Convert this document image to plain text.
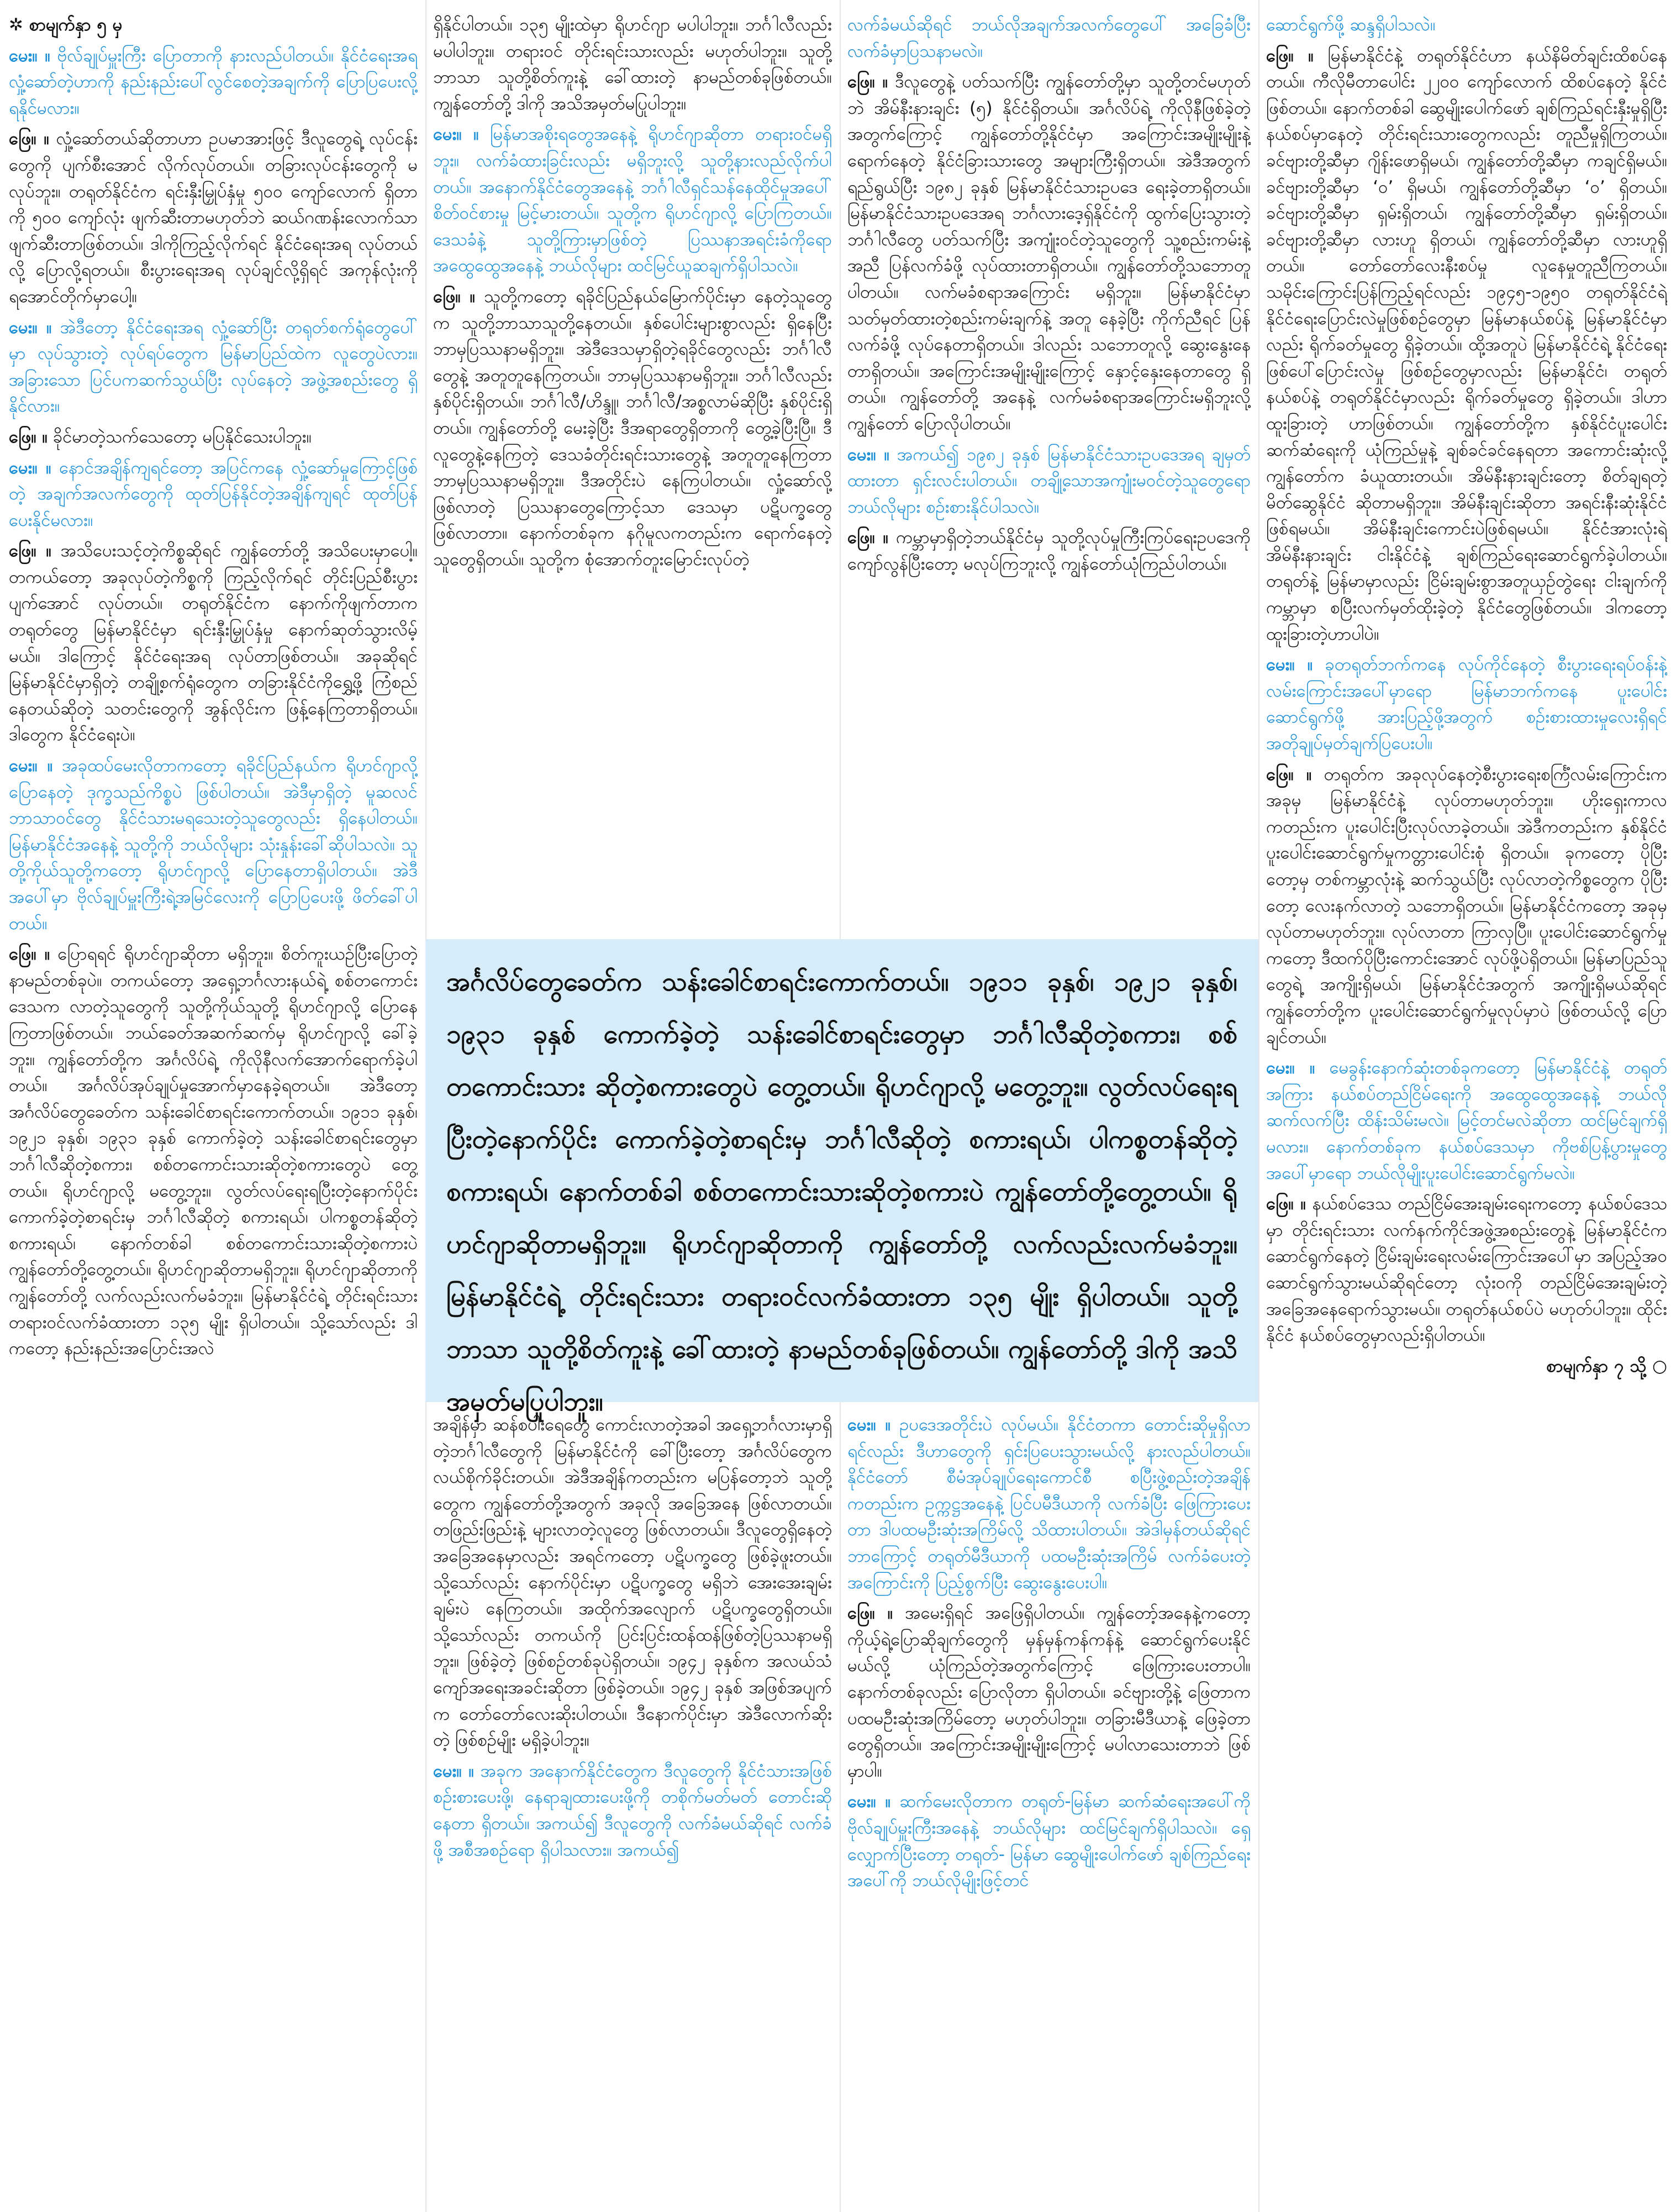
✲ စာမျက်နှာ ၅ မှ

မေး။ ။ ဗိုလ်ချုပ်မှူးကြီး ပြောတာကို နားလည်ပါတယ်။ နိုင်ငံရေးအရ လှုံ့ဆော်တဲ့ဟာကို နည်းနည်းပေါ်လွင်စေတဲ့အချက်ကို ပြောပြပေးလို့ ရနိုင်မလား။

ဖြေ။ ။ လှုံ့ဆော်တယ်ဆိုတာဟာ ဥပမာအားဖြင့် ဒီလူတွေရဲ့ လုပ်ငန်းတွေကို ပျက်စီးအောင် လိုက်လုပ်တယ်။ တခြားလုပ်ငန်းတွေကို မလုပ်ဘူး။ တရုတ်နိုင်ငံက ရင်းနှီးမြှုပ်နှံမှု ၅၀၀ ကျော်လောက် ရှိတာကို ၅၀၀ ကျော်လုံး ဖျက်ဆီးတာမဟုတ်ဘဲ ဆယ်ဂဏန်းလောက်သာ ဖျက်ဆီးတာဖြစ်တယ်။ ဒါကိုကြည့်လိုက်ရင် နိုင်ငံရေးအရ လုပ်တယ်လို့ ပြောလို့ရတယ်။ စီးပွားရေးအရ လုပ်ချင်လို့ရှိရင် အကုန်လုံးကို ရအောင်တိုက်မှာပေါ့။

မေး။ ။ အဲဒီတော့ နိုင်ငံရေးအရ လှုံ့ဆော်ပြီး တရုတ်စက်ရုံတွေပေါ်မှာ လုပ်သွားတဲ့ လုပ်ရပ်တွေက မြန်မာပြည်ထဲက လူတွေပဲလား။ အခြားသော ပြင်ပကဆက်သွယ်ပြီး လုပ်နေတဲ့ အဖွဲ့အစည်းတွေ ရှိနိုင်လား။

ဖြေ။ ။ ခိုင်မာတဲ့သက်သေတော့ မပြနိုင်သေးပါဘူး။

မေး။ ။ နောင်အချိန်ကျရင်တော့ အပြင်ကနေ လှုံ့ဆော်မှုကြောင့်ဖြစ်တဲ့ အချက်အလက်တွေကို ထုတ်ပြန်နိုင်တဲ့အချိန်ကျရင် ထုတ်ပြန်ပေးနိုင်မလား။

ဖြေ။ ။ အသိပေးသင့်တဲ့ကိစ္စဆိုရင် ကျွန်တော်တို့ အသိပေးမှာပေါ့။ တကယ်တော့ အခုလုပ်တဲ့ကိစ္စကို ကြည့်လိုက်ရင် တိုင်းပြည်စီးပွားပျက်အောင် လုပ်တယ်။ တရုတ်နိုင်ငံက နောက်ကိုဖျက်တာက တရုတ်တွေ မြန်မာနိုင်ငံမှာ ရင်းနှီးမြှုပ်နှံမှု နောက်ဆုတ်သွားလိမ့်မယ်။ ဒါကြောင့် နိုင်ငံရေးအရ လုပ်တာဖြစ်တယ်။ အခုဆိုရင် မြန်မာနိုင်ငံမှာရှိတဲ့ တချို့စက်ရုံတွေက တခြားနိုင်ငံကိုရွှေ့ဖို့ ကြံစည်နေတယ်ဆိုတဲ့ သတင်းတွေကို အွန်လိုင်းက ဖြန့်နေကြတာရှိတယ်။ ဒါတွေက နိုင်ငံရေးပဲ။

မေး။ ။ အခုထပ်မေးလိုတာကတော့ ရခိုင်ပြည်နယ်က ရိုဟင်ဂျာလို့ ပြောနေတဲ့ ဒုက္ခသည်ကိစ္စပဲ ဖြစ်ပါတယ်။ အဲဒီမှာရှိတဲ့ မူဆလင်ဘာသာဝင်တွေ နိုင်ငံသားမရသေးတဲ့သူတွေလည်း ရှိနေပါတယ်။ မြန်မာနိုင်ငံအနေနဲ့ သူတို့ကို ဘယ်လိုများ သုံးနှုန်းခေါ်ဆိုပါသလဲ။ သူတို့ကိုယ်သူတို့ကတော့ ရိုဟင်ဂျာလို့ ပြောနေတာရှိပါတယ်။ အဲဒီအပေါ်မှာ ဗိုလ်ချုပ်မှူးကြီးရဲ့အမြင်လေးကို ပြောပြပေးဖို့ ဖိတ်ခေါ်ပါတယ်။

ဖြေ။ ။ ပြောရရင် ရိုဟင်ဂျာဆိုတာ မရှိဘူး။ စိတ်ကူးယဉ်ပြီးပြောတဲ့ နာမည်တစ်ခုပဲ။ တကယ်တော့ အရှေ့ဘင်္ဂလားနယ်ရဲ့ စစ်တကောင်းဒေသက လာတဲ့သူတွေကို သူတို့ကိုယ်သူတို့ ရိုဟင်ဂျာလို့ ပြောနေကြတာဖြစ်တယ်။ ဘယ်ခေတ်အဆက်ဆက်မှ ရိုဟင်ဂျာလို့ ခေါ်ခဲ့ဘူး။ ကျွန်တော်တို့က အင်္ဂလိပ်ရဲ့ ကိုလိုနီလက်အောက်ရောက်ခဲ့ပါတယ်။ အင်္ဂလိပ်အုပ်ချုပ်မှုအောက်မှာနေခဲ့ရတယ်။ အဲဒီတော့ အင်္ဂလိပ်တွေခေတ်က သန်းခေါင်စာရင်းကောက်တယ်။ ၁၉၁၁ ခုနှစ်၊ ၁၉၂၁ ခုနှစ်၊ ၁၉၃၁ ခုနှစ် ကောက်ခဲ့တဲ့ သန်းခေါင်စာရင်းတွေမှာ ဘင်္ဂါလီဆိုတဲ့စကား၊ စစ်တကောင်းသားဆိုတဲ့စကားတွေပဲ တွေ့တယ်။ ရိုဟင်ဂျာလို့ မတွေ့ဘူး။ လွတ်လပ်ရေးရပြီးတဲ့နောက်ပိုင်း ကောက်ခဲ့တဲ့စာရင်းမှ ဘင်္ဂါလီဆိုတဲ့ စကားရယ်၊ ပါကစ္စတန်ဆိုတဲ့ စကားရယ်၊ နောက်တစ်ခါ စစ်တကောင်းသားဆိုတဲ့စကားပဲ ကျွန်တော်တို့တွေ့တယ်။ ရိုဟင်ဂျာဆိုတာမရှိဘူး။ ရိုဟင်ဂျာဆိုတာကို ကျွန်တော်တို့ လက်လည်းလက်မခံဘူး။ မြန်မာနိုင်ငံရဲ့ တိုင်းရင်းသား တရားဝင်လက်ခံထားတာ ၁၃၅ မျိုး ရှိပါတယ်။ သို့သော်လည်း ဒါကတော့ နည်းနည်းအပြောင်းအလဲ

ရှိနိုင်ပါတယ်။ ၁၃၅ မျိုးထဲမှာ ရိုဟင်ဂျာ မပါပါဘူး။ ဘင်္ဂါလီလည်း မပါပါဘူး။ တရားဝင် တိုင်းရင်းသားလည်း မဟုတ်ပါဘူး။ သူတို့ဘာသာ သူတို့စိတ်ကူးနဲ့ ခေါ်ထားတဲ့ နာမည်တစ်ခုဖြစ်တယ်။ ကျွန်တော်တို့ ဒါကို အသိအမှတ်မပြုပါဘူး။

မေး။ ။ မြန်မာအစိုးရတွေအနေနဲ့ ရိုဟင်ဂျာဆိုတာ တရားဝင်မရှိဘူး။ လက်ခံထားခြင်းလည်း မရှိဘူးလို့ သူတို့နားလည်လိုက်ပါတယ်။ အနောက်နိုင်ငံတွေအနေနဲ့ ဘင်္ဂါလီရှင်သန်နေထိုင်မှုအပေါ် စိတ်ဝင်စားမှု မြင့်မားတယ်။ သူတို့က ရိုဟင်ဂျာလို့ ပြောကြတယ်။ ဒေသခံနဲ့ သူတို့ကြားမှာဖြစ်တဲ့ ပြဿနာအရင်းခံကိုရော အထွေထွေအနေနဲ့ ဘယ်လိုများ ထင်မြင်ယူဆချက်ရှိပါသလဲ။

ဖြေ။ ။ သူတို့ကတော့ ရခိုင်ပြည်နယ်မြောက်ပိုင်းမှာ နေတဲ့သူတွေက သူတို့ဘာသာသူတို့နေတယ်။ နှစ်ပေါင်းများစွာလည်း ရှိနေပြီး ဘာမှပြဿနာမရှိဘူး။ အဲဒီဒေသမှာရှိတဲ့ရခိုင်တွေလည်း ဘင်္ဂါလီတွေနဲ့ အတူတူနေကြတယ်။ ဘာမှပြဿနာမရှိဘူး။ ဘင်္ဂါလီလည်း နှစ်ပိုင်းရှိတယ်။ ဘင်္ဂါလီ/ဟိန္ဒူ၊ ဘင်္ဂါလီ/အစ္စလာမ်ဆိုပြီး နှစ်ပိုင်းရှိတယ်။ ကျွန်တော်တို့ မေးခဲ့ပြီး ဒီအရာတွေရှိတာကို တွေ့ခဲ့ပြီးပြီ။ ဒီလူတွေနဲ့နေကြတဲ့ ဒေသခံတိုင်းရင်းသားတွေနဲ့ အတူတူနေကြတာ ဘာမှပြဿနာမရှိဘူး။ ဒီအတိုင်းပဲ နေကြပါတယ်။ လှုံ့ဆော်လို့ဖြစ်လာတဲ့ ပြဿနာတွေကြောင့်သာ ဒေသမှာ ပဋိပက္ခတွေ ဖြစ်လာတာ။ နောက်တစ်ခုက နဂိုမူလကတည်းက ရောက်နေတဲ့ သူတွေရှိတယ်။ သူတို့က စုံအောက်တူးမြောင်းလုပ်တဲ့

အချိန်မှာ ဆန်စပါးရေတွေ ကောင်းလာတဲ့အခါ အရှေ့ဘင်္ဂလားမှာရှိတဲ့ဘင်္ဂါလီတွေကို မြန်မာနိုင်ငံကို ခေါ်ပြီးတော့ အင်္ဂလိပ်တွေက လယ်စိုက်ခိုင်းတယ်။ အဲဒီအချိန်ကတည်းက မပြန်တော့ဘဲ သူတို့တွေက ကျွန်တော်တို့အတွက် အခုလို အခြေအနေ ဖြစ်လာတယ်။ တဖြည်းဖြည်းနဲ့ များလာတဲ့လူတွေ ဖြစ်လာတယ်။ ဒီလူတွေရှိနေတဲ့ အခြေအနေမှာလည်း အရင်ကတော့ ပဋိပက္ခတွေ ဖြစ်ခဲ့ဖူးတယ်။ သို့သော်လည်း နောက်ပိုင်းမှာ ပဋိပက္ခတွေ မရှိဘဲ အေးအေးချမ်းချမ်းပဲ နေကြတယ်။ အထိုက်အလျောက် ပဋိပက္ခတွေရှိတယ်။ သို့သော်လည်း တကယ်ကို ပြင်းပြင်းထန်ထန်ဖြစ်တဲ့ပြဿနာမရှိဘူး။ ဖြစ်ခဲ့တဲ့ ဖြစ်စဉ်တစ်ခုပဲရှိတယ်။ ၁၉၄၂ ခုနှစ်က အလယ်သံကျော်အရေးအခင်းဆိုတာ ဖြစ်ခဲ့တယ်။ ၁၉၄၂ ခုနှစ် အဖြစ်အပျက်က တော်တော်လေးဆိုးပါတယ်။ ဒီနောက်ပိုင်းမှာ အဲဒီလောက်ဆိုးတဲ့ ဖြစ်စဉ်မျိုး မရှိခဲ့ပါဘူး။

မေး။ ။ အခုက အနောက်နိုင်ငံတွေက ဒီလူတွေကို နိုင်ငံသားအဖြစ် စဉ်းစားပေးဖို့၊ နေရာချထားပေးဖို့ကို တစိုက်မတ်မတ် တောင်းဆိုနေတာ ရှိတယ်။ အကယ်၍ ဒီလူတွေကို လက်ခံမယ်ဆိုရင် လက်ခံဖို့ အစီအစဉ်ရော ရှိပါသလား။ အကယ်၍

လက်ခံမယ်ဆိုရင် ဘယ်လိုအချက်အလက်တွေပေါ် အခြေခံပြီး လက်ခံမှာပြသနာမလဲ။

ဖြေ။ ။ ဒီလူတွေနဲ့ ပတ်သက်ပြီး ကျွန်တော်တို့မှာ သူတို့တင်မဟုတ်ဘဲ အိမ်နီးနားချင်း (၅) နိုင်ငံရှိတယ်။ အင်္ဂလိပ်ရဲ့ ကိုလိုနီဖြစ်ခဲ့တဲ့အတွက်ကြောင့် ကျွန်တော်တို့နိုင်ငံမှာ အကြောင်းအမျိုးမျိုးနဲ့ ရောက်နေတဲ့ နိုင်ငံခြားသားတွေ အများကြီးရှိတယ်။ အဲဒီအတွက် ရည်ရွယ်ပြီး ၁၉၈၂ ခုနှစ် မြန်မာနိုင်ငံသားဥပဒေ ရေးခဲ့တာရှိတယ်။ မြန်မာနိုင်ငံသားဥပဒေအရ ဘင်္ဂလားဒေ့ရှ်နိုင်ငံကို ထွက်ပြေးသွားတဲ့ ဘင်္ဂါလီတွေ ပတ်သက်ပြီး အကျုံးဝင်တဲ့သူတွေကို သူ့စည်းကမ်းနဲ့အညီ ပြန်လက်ခံဖို့ လုပ်ထားတာရှိတယ်။ ကျွန်တော်တို့သဘောတူပါတယ်။ လက်မခံစရာအကြောင်း မရှိဘူး။ မြန်မာနိုင်ငံမှာ သတ်မှတ်ထားတဲ့စည်းကမ်းချက်နဲ့ အတူ နေခဲ့ပြီး ကိုက်ညီရင် ပြန်လက်ခံဖို့ လုပ်နေတာရှိတယ်။ ဒါလည်း သဘောတူလို့ ဆွေးနွေးနေတာရှိတယ်။ အကြောင်းအမျိုးမျိုးကြောင့် နှောင့်နှေးနေတာတွေ ရှိတယ်။ ကျွန်တော်တို့ အနေနဲ့ လက်မခံစရာအကြောင်းမရှိဘူးလို့ ကျွန်တော် ပြောလိုပါတယ်။

မေး။ ။ အကယ်၍ ၁၉၈၂ ခုနှစ် မြန်မာနိုင်ငံသားဥပဒေအရ ချမှတ်ထားတာ ရှင်းလင်းပါတယ်။ တချို့သောအကျုံးမဝင်တဲ့သူတွေရော ဘယ်လိုများ စဉ်းစားနိုင်ပါသလဲ။

ဖြေ။ ။ ကမ္ဘာမှာရှိတဲ့ဘယ်နိုင်ငံမှ သူတို့လုပ်မှုကြီးကြပ်ရေးဥပဒေကို ကျော်လွန်ပြီးတော့ မလုပ်ကြဘူးလို့ ကျွန်တော်ယုံကြည်ပါတယ်။

မေး။ ။ ဥပဒေအတိုင်းပဲ လုပ်မယ်။ နိုင်ငံတကာ တောင်းဆိုမှုရှိလာရင်လည်း ဒီဟာတွေကို ရှင်းပြပေးသွားမယ်လို့ နားလည်ပါတယ်။ နိုင်ငံတော် စီမံအုပ်ချုပ်ရေးကောင်စီ စပြီးဖွဲ့စည်းတဲ့အချိန်ကတည်းက ဥက္ကဋ္ဌအနေနဲ့ ပြင်ပမီဒီယာကို လက်ခံပြီး ဖြေကြားပေးတာ ဒါပထမဦးဆုံးအကြိမ်လို့ သိထားပါတယ်။ အဲဒါမှန်တယ်ဆိုရင် ဘာကြောင့် တရုတ်မီဒီယာကို ပထမဦးဆုံးအကြိမ် လက်ခံပေးတဲ့အကြောင်းကို ပြည့်စွက်ပြီး ဆွေးနွေးပေးပါ။

ဖြေ။ ။ အမေးရှိရင် အဖြေရှိပါတယ်။ ကျွန်တော့်အနေနဲ့ကတော့ကိုယ့်ရဲ့ပြောဆိုချက်တွေကို မှန်မှန်ကန်ကန်နဲ့ ဆောင်ရွက်ပေးနိုင်မယ်လို့ ယုံကြည်တဲ့အတွက်ကြောင့် ဖြေကြားပေးတာပါ။ နောက်တစ်ခုလည်း ပြောလိုတာ ရှိပါတယ်။ ခင်ဗျားတို့နဲ့ ဖြေတာက ပထမဦးဆုံးအကြိမ်တော့ မဟုတ်ပါဘူး။ တခြားမီဒီယာနဲ့ ဖြေခဲ့တာတွေရှိတယ်။ အကြောင်းအမျိုးမျိုးကြောင့် မပါလာသေးတာဘဲ ဖြစ်မှာပါ။

မေး။ ။ ဆက်မေးလိုတာက တရုတ်-မြန်မာ ဆက်ဆံရေးအပေါ်ကို ဗိုလ်ချုပ်မှူးကြီးအနေနဲ့ ဘယ်လိုများ ထင်မြင်ချက်ရှိပါသလဲ။ ရှေ့လျှောက်ပြီးတော့ တရုတ်- မြန်မာ ဆွေမျိုးပေါက်ဖော် ချစ်ကြည်ရေးအပေါ်ကို ဘယ်လိုမျိုးဖြင့်တင်

အင်္ဂလိပ်တွေခေတ်က သန်းခေါင်စာရင်းကောက်တယ်။ ၁၉၁၁ ခုနှစ်၊ ၁၉၂၁ ခုနှစ်၊ ၁၉၃၁ ခုနှစ် ကောက်ခဲ့တဲ့ သန်းခေါင်စာရင်းတွေမှာ ဘင်္ဂါလီဆိုတဲ့စကား၊ စစ်တကောင်းသား ဆိုတဲ့စကားတွေပဲ တွေ့တယ်။ ရိုဟင်ဂျာလို့ မတွေ့ဘူး။ လွတ်လပ်ရေးရပြီးတဲ့နောက်ပိုင်း ကောက်ခဲ့တဲ့စာရင်းမှ ဘင်္ဂါလီဆိုတဲ့ စကားရယ်၊ ပါကစ္စတန်ဆိုတဲ့ စကားရယ်၊ နောက်တစ်ခါ စစ်တကောင်းသားဆိုတဲ့စကားပဲ ကျွန်တော်တို့တွေ့တယ်။ ရိုဟင်ဂျာဆိုတာမရှိဘူး။ ရိုဟင်ဂျာဆိုတာကို ကျွန်တော်တို့ လက်လည်းလက်မခံဘူး။ မြန်မာနိုင်ငံရဲ့ တိုင်းရင်းသား တရားဝင်လက်ခံထားတာ ၁၃၅ မျိုး ရှိပါတယ်။ သူတို့ဘာသာ သူတို့စိတ်ကူးနဲ့ ခေါ်ထားတဲ့ နာမည်တစ်ခုဖြစ်တယ်။ ကျွန်တော်တို့ ဒါကို အသိအမှတ်မပြုပါဘူး။

ဆောင်ရွက်ဖို့ ဆန္ဒရှိပါသလဲ။

ဖြေ။ ။ မြန်မာနိုင်ငံနဲ့ တရုတ်နိုင်ငံဟာ နယ်နိမိတ်ချင်းထိစပ်နေတယ်။ ကီလိုမီတာပေါင်း ၂၂၀၀ ကျော်လောက် ထိစပ်နေတဲ့ နိုင်ငံဖြစ်တယ်။ နောက်တစ်ခါ ဆွေမျိုးပေါက်ဖော် ချစ်ကြည်ရင်းနှီးမှုရှိပြီး နယ်စပ်မှာနေတဲ့ တိုင်းရင်းသားတွေကလည်း တူညီမှုရှိကြတယ်။ ခင်ဗျားတို့ဆီမှာ ဂျိန်းဖောရှိမယ်၊ ကျွန်တော်တို့ဆီမှာ ကချင်ရှိမယ်။ ခင်ဗျားတို့ဆီမှာ ‘ဝ’ ရှိမယ်၊ ကျွန်တော်တို့ဆီမှာ ‘ဝ’ ရှိတယ်။ ခင်ဗျားတို့ဆီမှာ ရှမ်းရှိတယ်၊ ကျွန်တော်တို့ဆီမှာ ရှမ်းရှိတယ်။ ခင်ဗျားတို့ဆီမှာ လားဟူ ရှိတယ်၊ ကျွန်တော်တို့ဆီမှာ လားဟူရှိတယ်။ တော်တော်လေးနီးစပ်မှု လူနေမှုတူညီကြတယ်။ သမိုင်းကြောင်းပြန်ကြည့်ရင်လည်း ၁၉၄၅-၁၉၅၀ တရုတ်နိုင်ငံရဲ့ နိုင်ငံရေးပြောင်းလဲမှုဖြစ်စဉ်တွေမှာ မြန်မာနယ်စပ်နဲ့ မြန်မာနိုင်ငံမှာလည်း ရိုက်ခတ်မှုတွေ ရှိခဲ့တယ်။ ထို့အတူပဲ မြန်မာနိုင်ငံရဲ့ နိုင်ငံရေးဖြစ်ပေါ်ပြောင်းလဲမှု ဖြစ်စဉ်တွေမှာလည်း မြန်မာနိုင်ငံ၊ တရုတ်နယ်စပ်နဲ့ တရုတ်နိုင်ငံမှာလည်း ရိုက်ခတ်မှုတွေ ရှိခဲ့တယ်။ ဒါဟာထူးခြားတဲ့ ဟာဖြစ်တယ်။ ကျွန်တော်တို့က နှစ်နိုင်ငံပူးပေါင်းဆက်ဆံရေးကို ယုံကြည်မှုနဲ့ ချစ်ခင်ခင်နေရတာ အကောင်းဆုံးလို့ ကျွန်တော်က ခံယူထားတယ်။ အိမ်နီးနားချင်းတော့ စိတ်ချရတဲ့မိတ်ဆွေနိုင်ငံ ဆိုတာမရှိဘူး။ အိမ်နီးချင်းဆိုတာ အရင်းနီးဆုံးနိုင်ငံ ဖြစ်ရမယ်။ အိမ်နီးချင်းကောင်းပဲဖြစ်ရမယ်။ နိုင်ငံအားလုံးရဲ့ အိမ်နီးနားချင်း ငါးနိုင်ငံနဲ့ ချစ်ကြည်ရေးဆောင်ရွက်ခဲ့ပါတယ်။ တရုတ်နဲ့ မြန်မာမှာလည်း ငြိမ်းချမ်းစွာအတူယှဉ်တွဲရေး ငါးချက်ကို ကမ္ဘာမှာ စပြီးလက်မှတ်ထိုးခဲ့တဲ့ နိုင်ငံတွေဖြစ်တယ်။ ဒါကတော့ ထူးခြားတဲ့ဟာပါပဲ။

မေး။ ။ ခုတရုတ်ဘက်ကနေ လုပ်ကိုင်နေတဲ့ စီးပွားရေးရပ်ဝန်းနဲ့ လမ်းကြောင်းအပေါ်မှာရော မြန်မာဘက်ကနေ ပူးပေါင်းဆောင်ရွက်ဖို့ အားပြည့်ဖို့အတွက် စဉ်းစားထားမှုလေးရှိရင် အတိုချုပ်မှတ်ချက်ပြပေးပါ။

ဖြေ။ ။ တရုတ်က အခုလုပ်နေတဲ့စီးပွားရေးစင်္ကြံလမ်းကြောင်းက အခုမှ မြန်မာနိုင်ငံနဲ့ လုပ်တာမဟုတ်ဘူး။ ဟိုးရှေးကာလကတည်းက ပူးပေါင်းပြီးလုပ်လာခဲ့တယ်။ အဲဒီကတည်းက နှစ်နိုင်ငံပူးပေါင်းဆောင်ရွက်မှုကတ္တားပေါင်းစုံ ရှိတယ်။ ခုကတော့ ပိုပြီးတော့မှ တစ်ကမ္ဘာလုံးနဲ့ ဆက်သွယ်ပြီး လုပ်လာတဲ့ကိစ္စတွေက ပိုပြီးတော့ လေးနက်လာတဲ့ သဘောရှိတယ်။ မြန်မာနိုင်ငံကတော့ အခုမှလုပ်တာမဟုတ်ဘူး။ လုပ်လာတာ ကြာလှပြီ။ ပူးပေါင်းဆောင်ရွက်မှုကတော့ ဒီထက်ပိုပြီးကောင်းအောင် လုပ်ဖို့ပဲရှိတယ်။ မြန်မာပြည်သူတွေရဲ့ အကျိုးရှိမယ်၊ မြန်မာနိုင်ငံအတွက် အကျိုးရှိမယ်ဆိုရင် ကျွန်တော်တို့က ပူးပေါင်းဆောင်ရွက်မှုလုပ်မှာပဲ ဖြစ်တယ်လို့ ပြောချင်တယ်။

မေး။ ။ မေခွန်းနောက်ဆုံးတစ်ခုကတော့ မြန်မာနိုင်ငံနဲ့ တရုတ်အကြား နယ်စပ်တည်ငြိမ်ရေးကို အထွေထွေအနေနဲ့ ဘယ်လိုဆက်လက်ပြီး ထိန်းသိမ်းမလဲ။ မြင့်တင်မလဲဆိုတာ ထင်မြင်ချက်ရှိမလား။ နောက်တစ်ခုက နယ်စပ်ဒေသမှာ ကိုဗစ်ပြန့်ပွားမှုတွေအပေါ်မှာရော ဘယ်လိုမျိုးပူးပေါင်းဆောင်ရွက်မလဲ။

ဖြေ။ ။ နယ်စပ်ဒေသ တည်ငြိမ်အေးချမ်းရေးကတော့ နယ်စပ်ဒေသမှာ တိုင်းရင်းသား လက်နက်ကိုင်အဖွဲ့အစည်းတွေနဲ့ မြန်မာနိုင်ငံက ဆောင်ရွက်နေတဲ့ ငြိမ်းချမ်းရေးလမ်းကြောင်းအပေါ်မှာ အပြည့်အဝဆောင်ရွက်သွားမယ်ဆိုရင်တော့ လုံးဝကို တည်ငြိမ်အေးချမ်းတဲ့ အခြေအနေရောက်သွားမယ်။ တရုတ်နယ်စပ်ပဲ မဟုတ်ပါဘူး။ ထိုင်းနိုင်ငံ နယ်စပ်တွေမှာလည်းရှိပါတယ်။

စာမျက်နှာ ၇ သို့ ○
